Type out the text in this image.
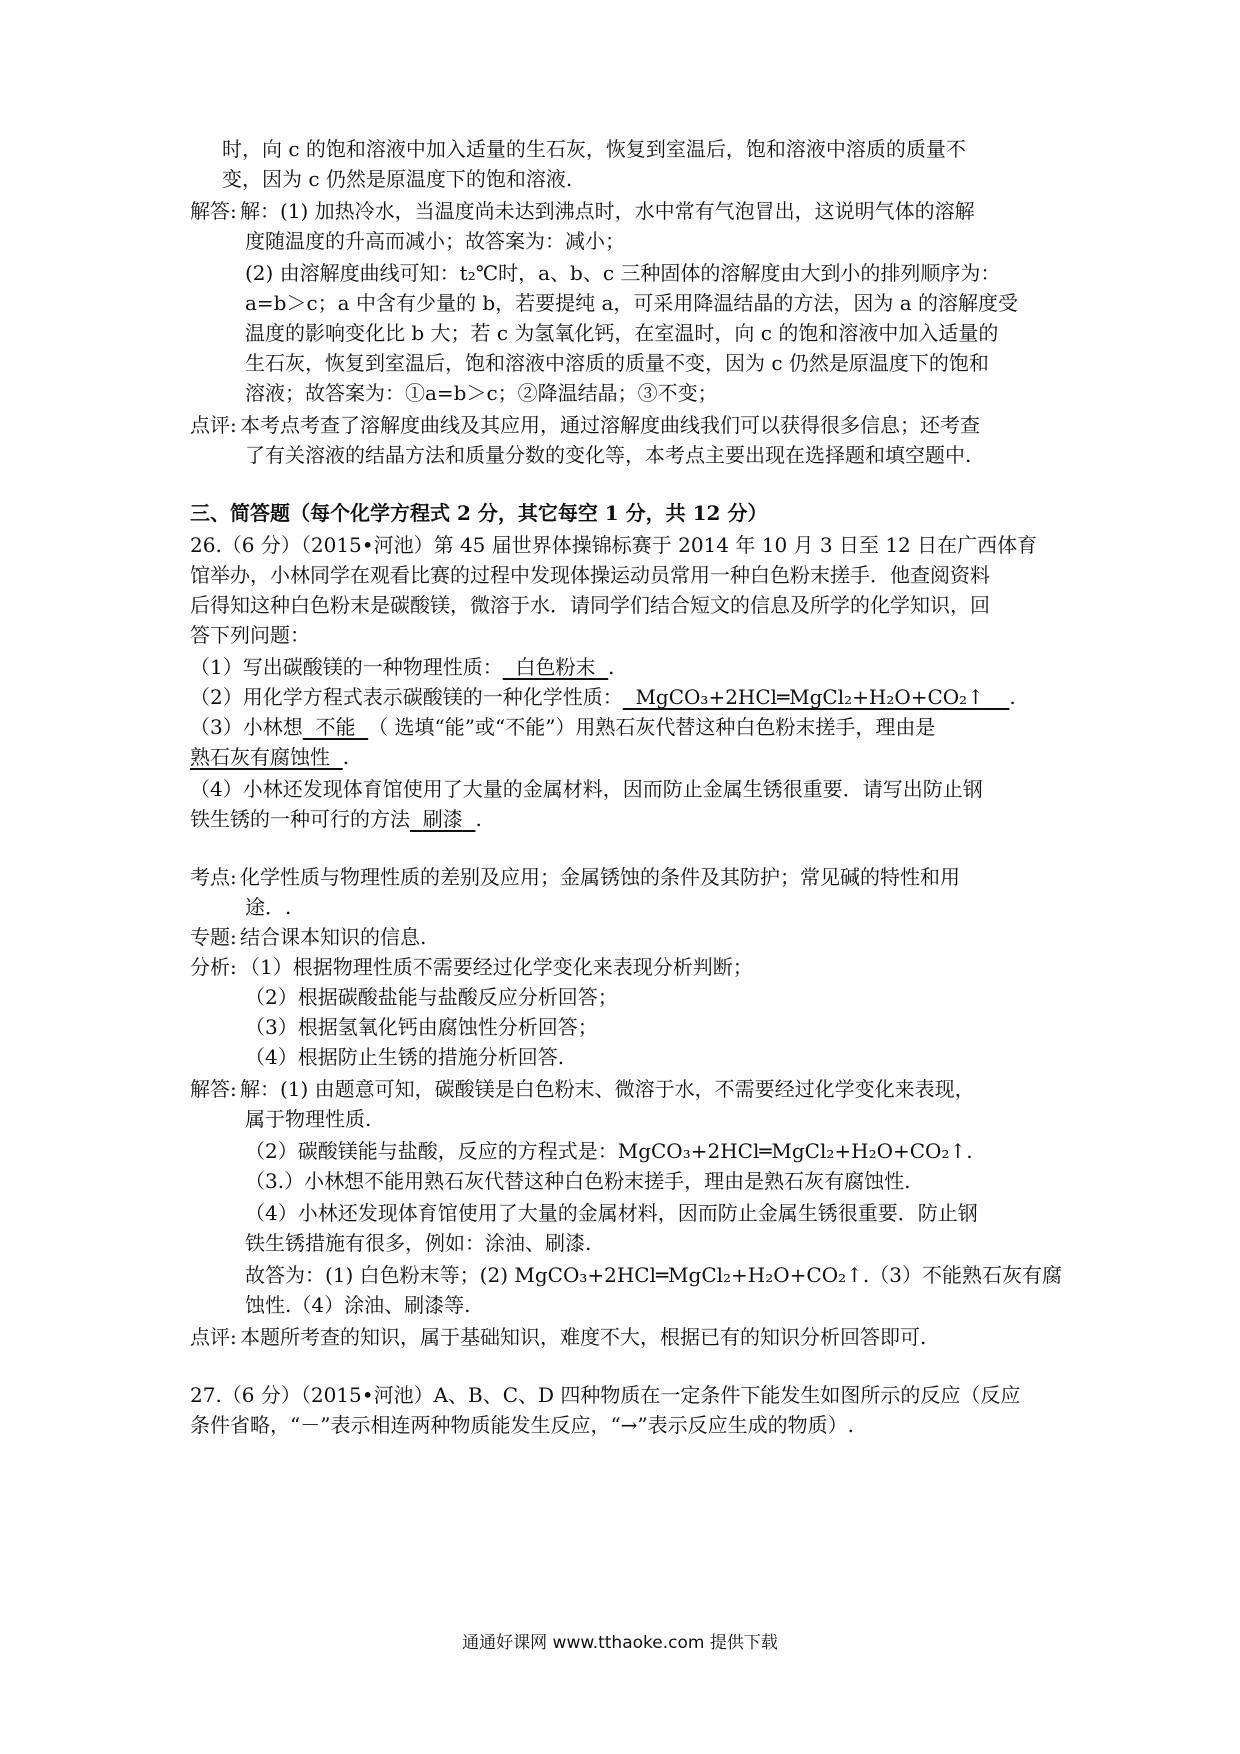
时，向 c 的饱和溶液中加入适量的生石灰，恢复到室温后，饱和溶液中溶质的质量不
变，因为 c 仍然是原温度下的饱和溶液.
解答: 解：(1) 加热冷水，当温度尚未达到沸点时，水中常有气泡冒出，这说明气体的溶解
度随温度的升高而减小；故答案为：减小；
(2) 由溶解度曲线可知：t₂℃时，a、b、c 三种固体的溶解度由大到小的排列顺序为：
a=b＞c；a 中含有少量的 b，若要提纯 a，可采用降温结晶的方法，因为 a 的溶解度受
温度的影响变化比 b 大；若 c 为氢氧化钙，在室温时，向 c 的饱和溶液中加入适量的
生石灰，恢复到室温后，饱和溶液中溶质的质量不变，因为 c 仍然是原温度下的饱和
溶液；故答案为：①a=b＞c；②降温结晶；③不变；
点评: 本考点考查了溶解度曲线及其应用，通过溶解度曲线我们可以获得很多信息；还考查
了有关溶液的结晶方法和质量分数的变化等，本考点主要出现在选择题和填空题中.
三、简答题（每个化学方程式 2 分，其它每空 1 分，共 12 分）
26.（6 分）（2015•河池）第 45 届世界体操锦标赛于 2014 年 10 月 3 日至 12 日在广西体育
馆举办，小林同学在观看比赛的过程中发现体操运动员常用一种白色粉末搓手．他查阅资料
后得知这种白色粉末是碳酸镁，微溶于水．请同学们结合短文的信息及所学的化学知识，回
答下列问题：
（1）写出碳酸镁的一种物理性质： 白色粉末 .
（2）用化学方程式表示碳酸镁的一种化学性质： MgCO₃+2HCl═MgCl₂+H₂O+CO₂↑ .
（3）小林想 不能 （ 选填“能”或“不能”）用熟石灰代替这种白色粉末搓手，理由是
熟石灰有腐蚀性 .
（4）小林还发现体育馆使用了大量的金属材料，因而防止金属生锈很重要．请写出防止钢
铁生锈的一种可行的方法 刷漆 .
考点: 化学性质与物理性质的差别及应用；金属锈蚀的条件及其防护；常见碱的特性和用
途．.
专题: 结合课本知识的信息.
分析: （1）根据物理性质不需要经过化学变化来表现分析判断；
（2）根据碳酸盐能与盐酸反应分析回答；
（3）根据氢氧化钙由腐蚀性分析回答；
（4）根据防止生锈的措施分析回答.
解答: 解：(1) 由题意可知，碳酸镁是白色粉末、微溶于水，不需要经过化学变化来表现，
属于物理性质.
（2）碳酸镁能与盐酸，反应的方程式是：MgCO₃+2HCl═MgCl₂+H₂O+CO₂↑.
（3.）小林想不能用熟石灰代替这种白色粉末搓手，理由是熟石灰有腐蚀性.
（4）小林还发现体育馆使用了大量的金属材料，因而防止金属生锈很重要．防止钢
铁生锈措施有很多，例如：涂油、刷漆.
故答为：(1) 白色粉末等；(2) MgCO₃+2HCl═MgCl₂+H₂O+CO₂↑.（3）不能熟石灰有腐
蚀性.（4）涂油、刷漆等.
点评: 本题所考查的知识，属于基础知识，难度不大，根据已有的知识分析回答即可.
27.（6 分）（2015•河池）A、B、C、D 四种物质在一定条件下能发生如图所示的反应（反应
条件省略，“－”表示相连两种物质能发生反应，“→”表示反应生成的物质）.
通通好课网 www.tthaoke.com 提供下载
